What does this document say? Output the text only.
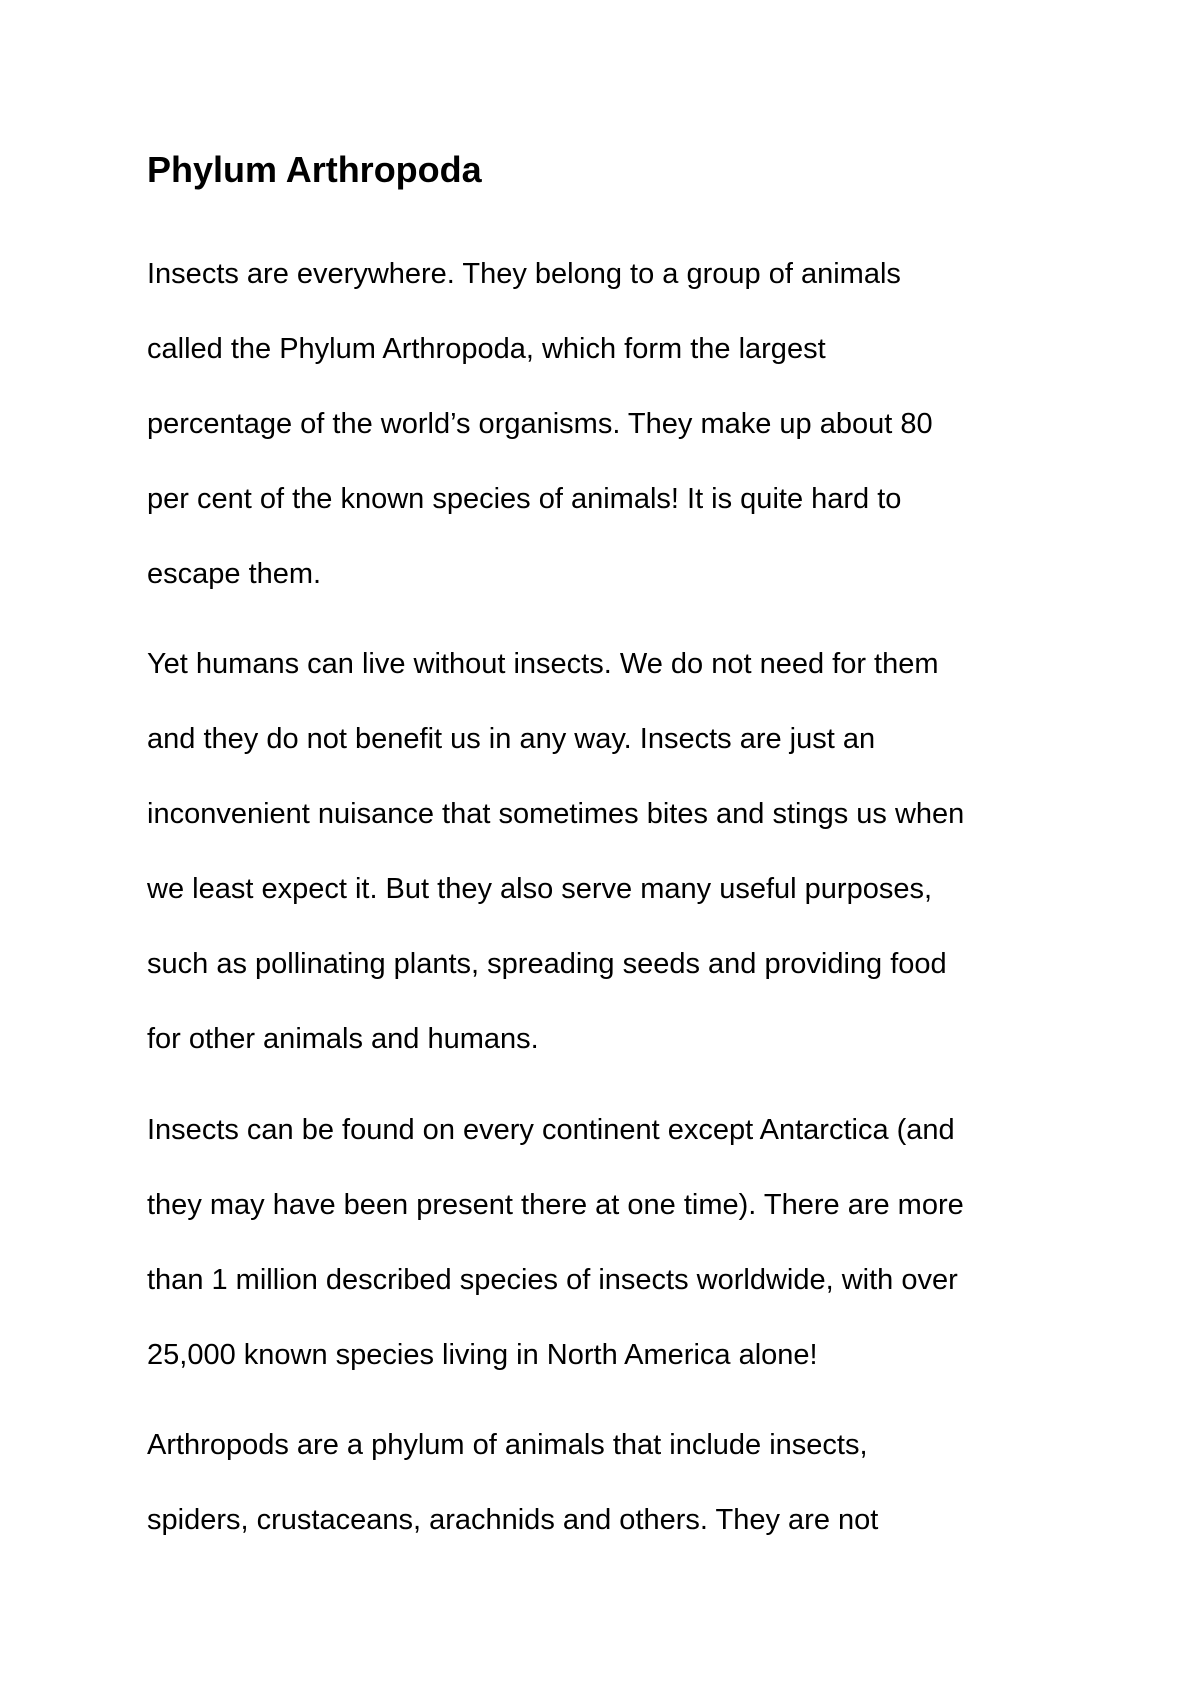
Phylum Arthropoda

Insects are everywhere. They belong to a group of animals

called the Phylum Arthropoda, which form the largest

percentage of the world’s organisms. They make up about 80

per cent of the known species of animals! It is quite hard to

escape them.

Yet humans can live without insects. We do not need for them

and they do not benefit us in any way. Insects are just an

inconvenient nuisance that sometimes bites and stings us when

we least expect it. But they also serve many useful purposes,

such as pollinating plants, spreading seeds and providing food

for other animals and humans.

Insects can be found on every continent except Antarctica (and

they may have been present there at one time). There are more

than 1 million described species of insects worldwide, with over

25,000 known species living in North America alone!

Arthropods are a phylum of animals that include insects,

spiders, crustaceans, arachnids and others. They are not
